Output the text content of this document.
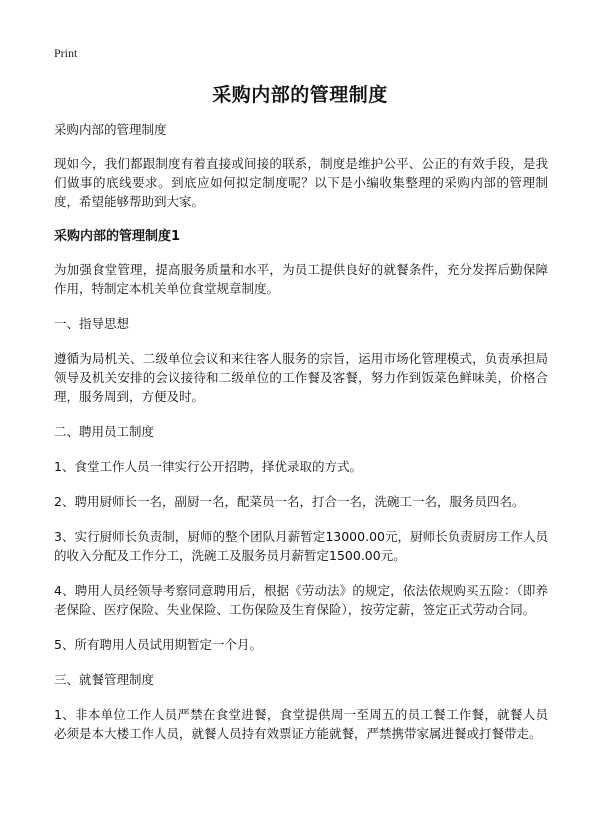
Print
采购内部的管理制度

采购内部的管理制度

现如今，我们都跟制度有着直接或间接的联系，制度是维护公平、公正的有效手段，是我们做事的底线要求。到底应如何拟定制度呢？以下是小编收集整理的采购内部的管理制度，希望能够帮助到大家。

采购内部的管理制度1

为加强食堂管理，提高服务质量和水平，为员工提供良好的就餐条件，充分发挥后勤保障作用，特制定本机关单位食堂规章制度。

一、指导思想

遵循为局机关、二级单位会议和来往客人服务的宗旨，运用市场化管理模式，负责承担局领导及机关安排的会议接待和二级单位的工作餐及客餐，努力作到饭菜色鲜味美，价格合理，服务周到，方便及时。

二、聘用员工制度

1、食堂工作人员一律实行公开招聘，择优录取的方式。

2、聘用厨师长一名，副厨一名，配菜员一名，打合一名，洗碗工一名，服务员四名。

3、实行厨师长负责制，厨师的整个团队月薪暂定13000.00元，厨师长负责厨房工作人员的收入分配及工作分工，洗碗工及服务员月薪暂定1500.00元。

4、聘用人员经领导考察同意聘用后，根据《劳动法》的规定，依法依规购买五险：（即养老保险、医疗保险、失业保险、工伤保险及生育保险），按劳定薪，签定正式劳动合同。

5、所有聘用人员试用期暂定一个月。

三、就餐管理制度

1、非本单位工作人员严禁在食堂进餐，食堂提供周一至周五的员工餐工作餐，就餐人员必须是本大楼工作人员，就餐人员持有效票证方能就餐，严禁携带家属进餐或打餐带走。
